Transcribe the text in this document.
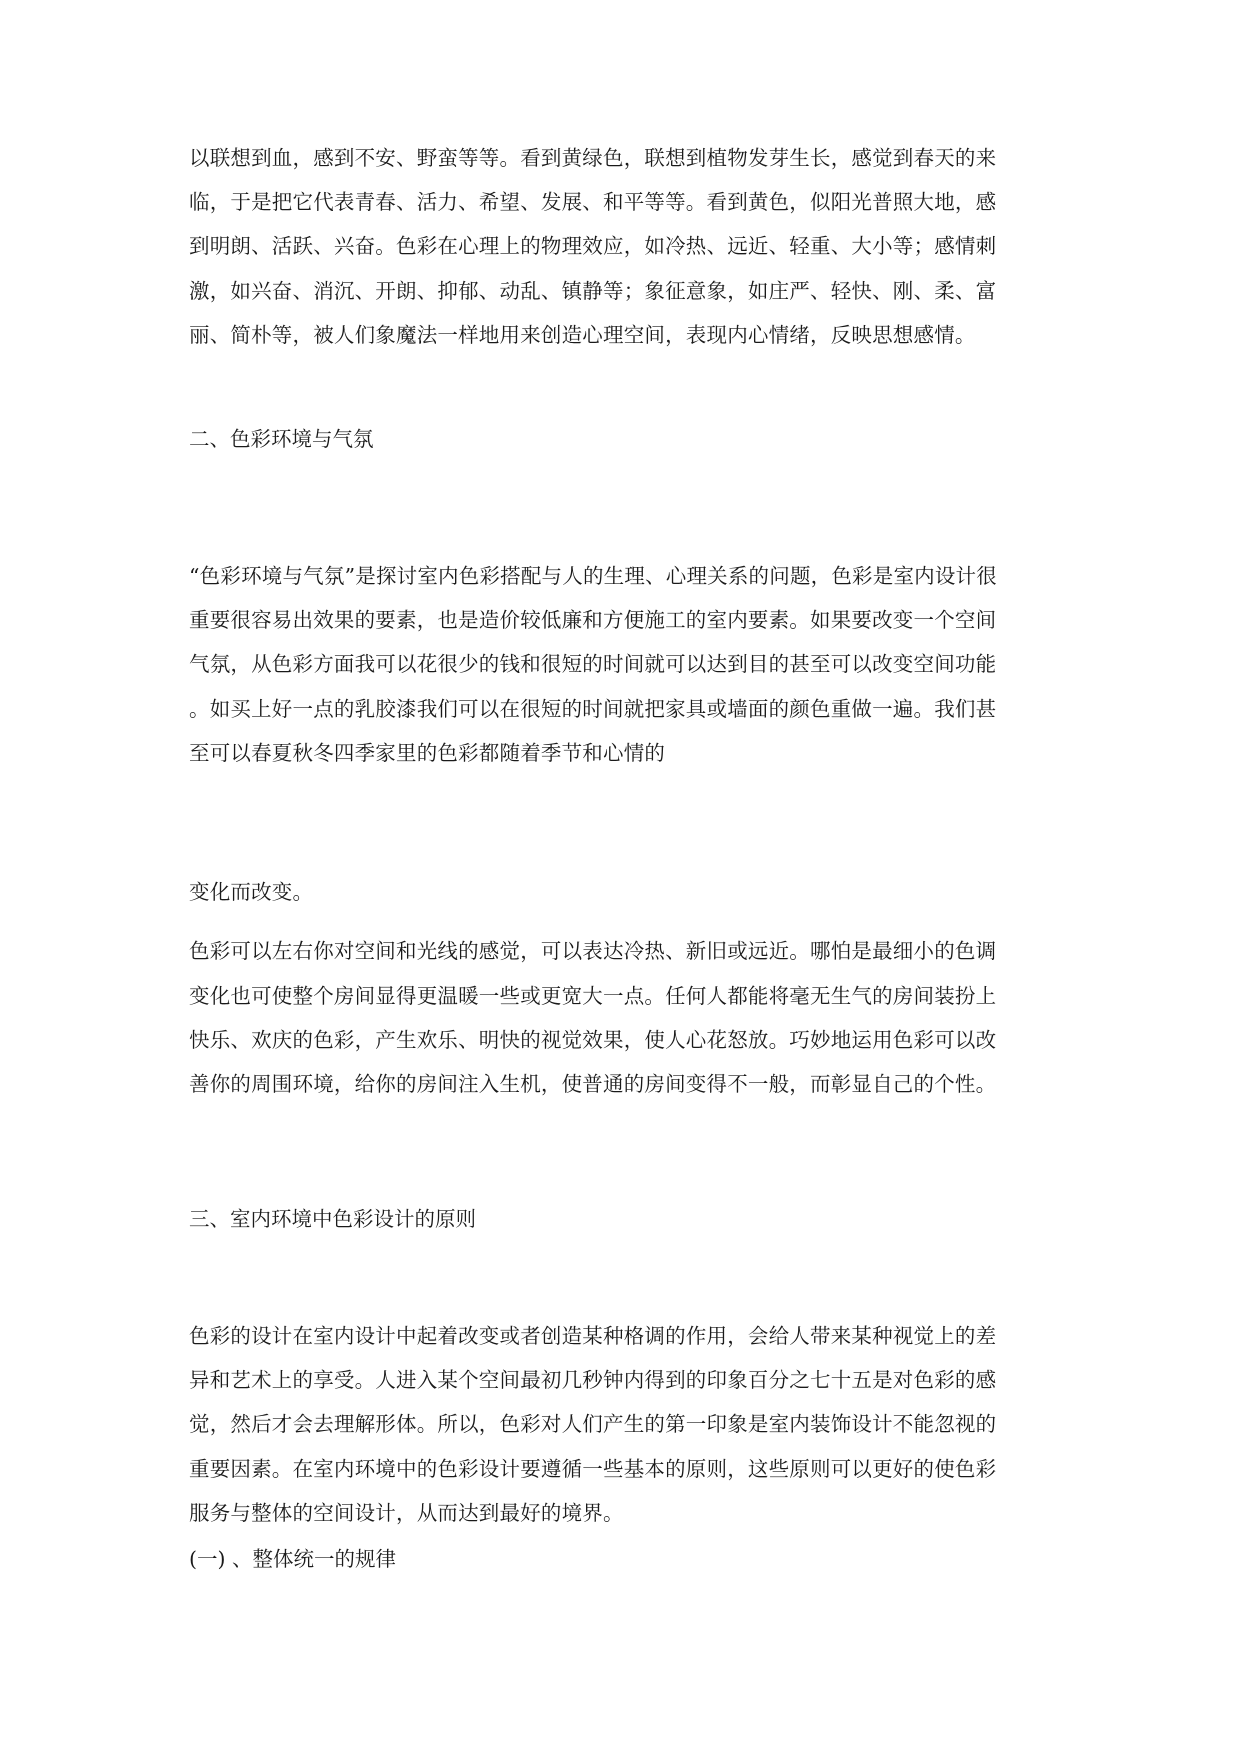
以联想到血，感到不安、野蛮等等。看到黄绿色，联想到植物发芽生长，感觉到春天的来
临，于是把它代表青春、活力、希望、发展、和平等等。看到黄色，似阳光普照大地，感
到明朗、活跃、兴奋。色彩在心理上的物理效应，如冷热、远近、轻重、大小等；感情刺
激，如兴奋、消沉、开朗、抑郁、动乱、镇静等；象征意象，如庄严、轻快、刚、柔、富
丽、简朴等，被人们象魔法一样地用来创造心理空间，表现内心情绪，反映思想感情。
二、色彩环境与气氛
“色彩环境与气氛”是探讨室内色彩搭配与人的生理、心理关系的问题，色彩是室内设计很
重要很容易出效果的要素，也是造价较低廉和方便施工的室内要素。如果要改变一个空间
气氛，从色彩方面我可以花很少的钱和很短的时间就可以达到目的甚至可以改变空间功能
。如买上好一点的乳胶漆我们可以在很短的时间就把家具或墙面的颜色重做一遍。我们甚
至可以春夏秋冬四季家里的色彩都随着季节和心情的
变化而改变。
色彩可以左右你对空间和光线的感觉，可以表达冷热、新旧或远近。哪怕是最细小的色调
变化也可使整个房间显得更温暖一些或更宽大一点。任何人都能将毫无生气的房间装扮上
快乐、欢庆的色彩，产生欢乐、明快的视觉效果，使人心花怒放。巧妙地运用色彩可以改
善你的周围环境，给你的房间注入生机，使普通的房间变得不一般，而彰显自己的个性。
三、室内环境中色彩设计的原则
色彩的设计在室内设计中起着改变或者创造某种格调的作用，会给人带来某种视觉上的差
异和艺术上的享受。人进入某个空间最初几秒钟内得到的印象百分之七十五是对色彩的感
觉，然后才会去理解形体。所以，色彩对人们产生的第一印象是室内装饰设计不能忽视的
重要因素。在室内环境中的色彩设计要遵循一些基本的原则，这些原则可以更好的使色彩
服务与整体的空间设计，从而达到最好的境界。
(一) 、整体统一的规律
